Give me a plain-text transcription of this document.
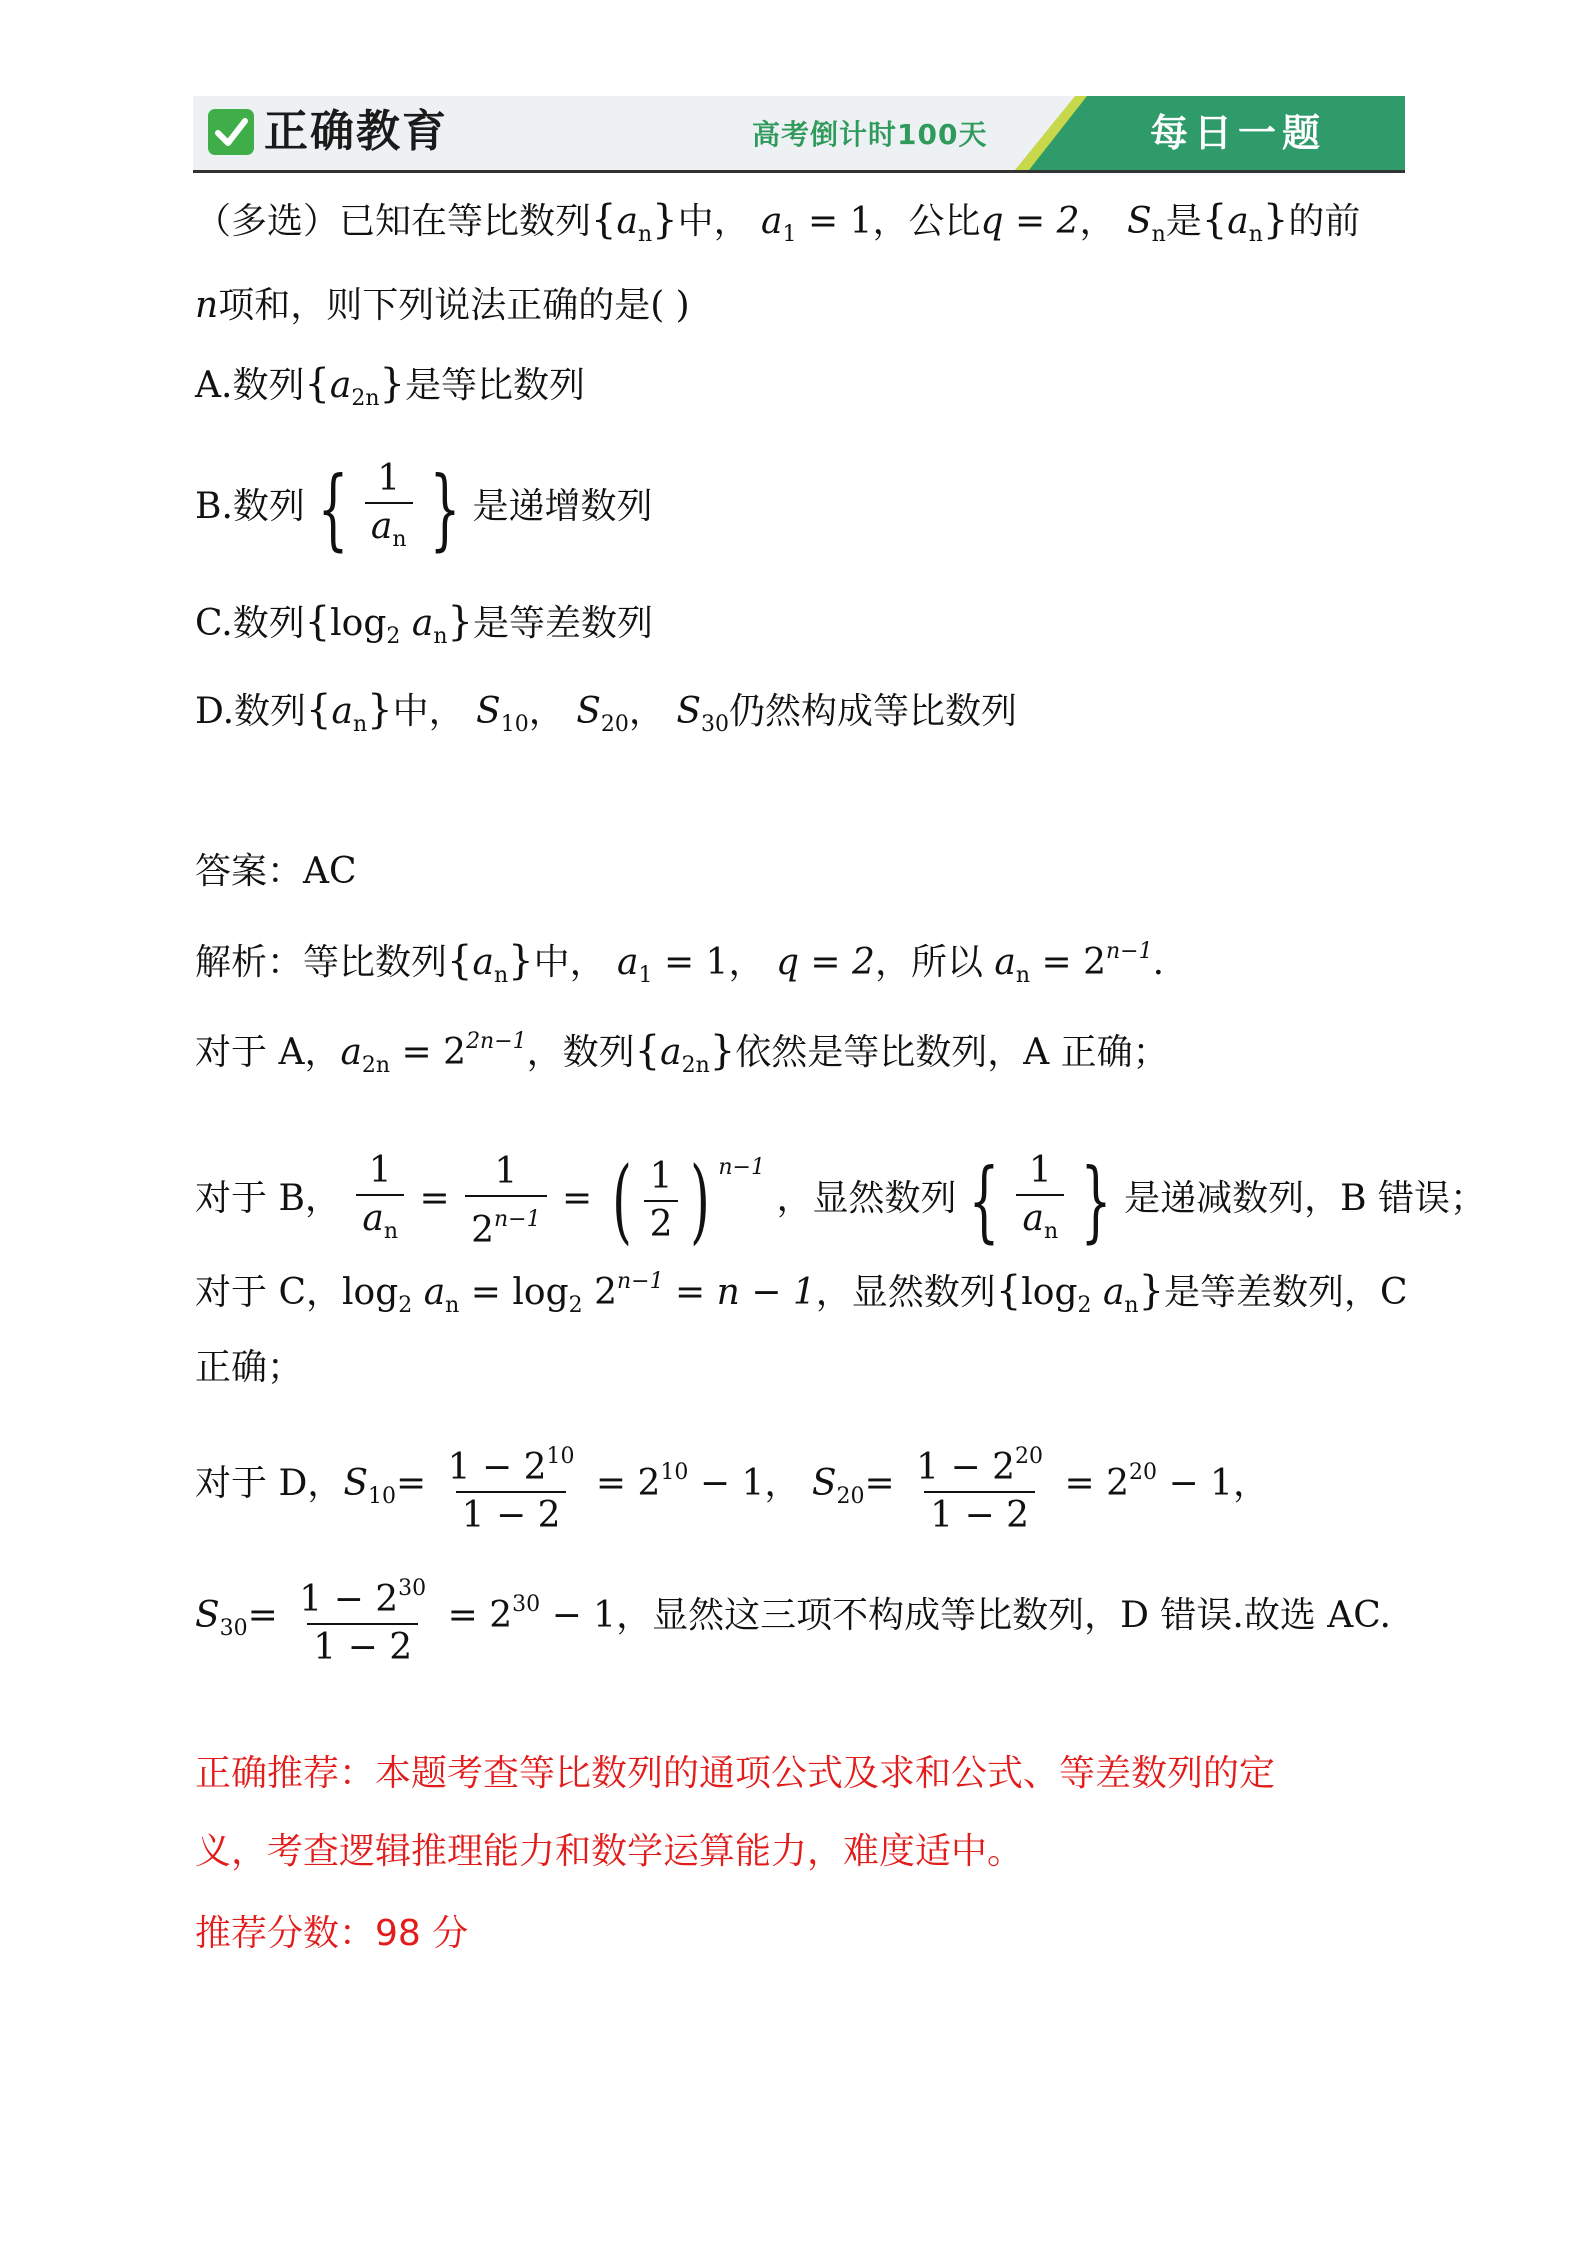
正确教育	高考倒计时100天	每日一题
（多选）已知在等比数列$\{a_n\}$中， $a_1 = 1$，公比q = 2， $S_n$是$\{a_n\}$的前
n项和，则下列说法正确的是( )
A.数列$\{a_{2n}\}$是等比数列
B.数列 { $\frac{1}{a_n}$ } 是递增数列
C.数列{$\log_2$ $a_n$}是等差数列
D.数列$\{a_n\}$中， $S_{10}$， $S_{20}$， $S_{30}$仍然构成等比数列
答案：AC
解析：等比数列$\{a_n\}$中， $a_1 = 1$， q = 2，所以 $a_n = 2^{n-1}$.
对于 A，$a_{2n} = 2^{2n-1}$，数列$\{a_{2n}\}$依然是等比数列，A 正确；
对于 B， $\frac{1}{a_n} = \frac{1}{2^{n-1}}$ = ( $\frac{1}{2}$ ) $^{n-1}$ ，显然数列 { $\frac{1}{a_n}$ } 是递减数列，B 错误；
对于 C，$\log_2 a_n = \log_2 2^{n-1} = n - 1$，显然数列{$\log_2$ $a_n$}是等差数列，C
正确；
对于 D，$S_{10}= \frac{1 - 2^{10}}{1 - 2} = 2^{10} - 1$， $S_{20}= \frac{1 - 2^{20}}{1 - 2} = 2^{20} - 1$，
$S_{30}= \frac{1 - 2^{30}}{1 - 2} = 2^{30} - 1$，显然这三项不构成等比数列，D 错误.故选 AC.
正确推荐：本题考查等比数列的通项公式及求和公式、等差数列的定
义，考查逻辑推理能力和数学运算能力，难度适中。
推荐分数：98 分
